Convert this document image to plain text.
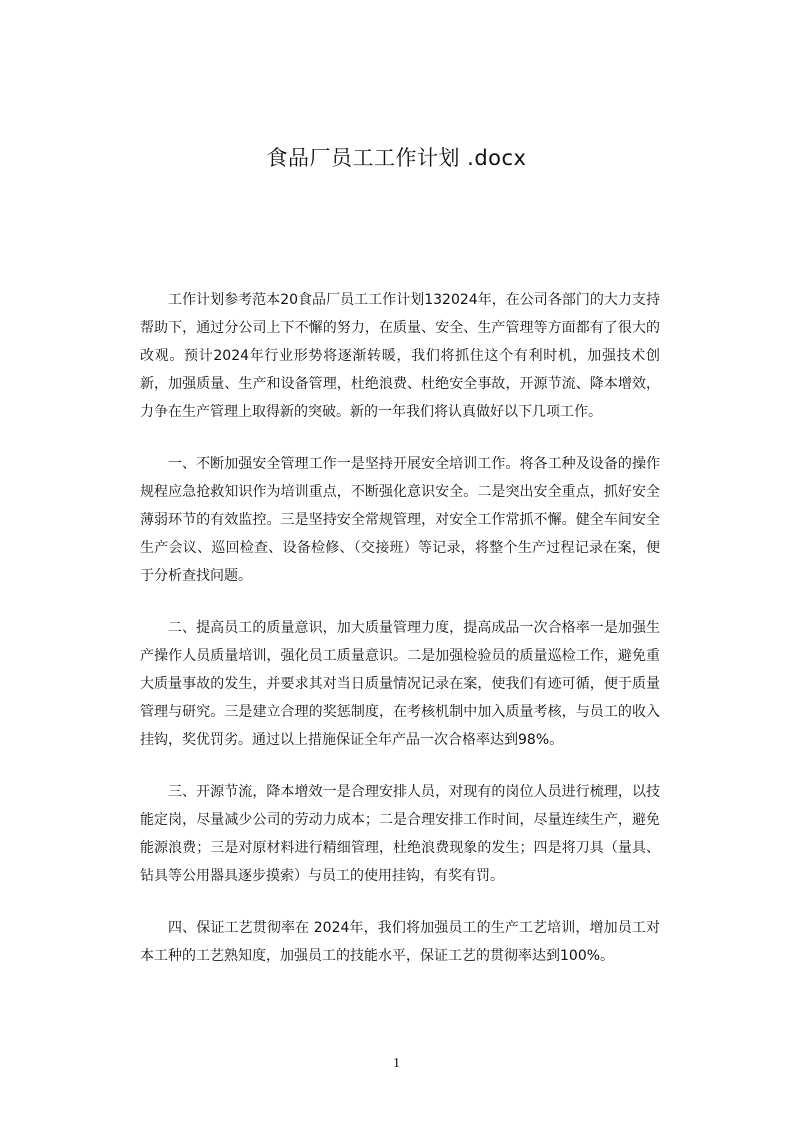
食品厂员工工作计划 .docx

工作计划参考范本20食品厂员工工作计划132024年，在公司各部门的大力支持帮助下，通过分公司上下不懈的努力，在质量、安全、生产管理等方面都有了很大的改观。预计2024年行业形势将逐渐转暖，我们将抓住这个有利时机，加强技术创新，加强质量、生产和设备管理，杜绝浪费、杜绝安全事故，开源节流、降本增效，力争在生产管理上取得新的突破。新的一年我们将认真做好以下几项工作。

一、不断加强安全管理工作一是坚持开展安全培训工作。将各工种及设备的操作规程应急抢救知识作为培训重点，不断强化意识安全。二是突出安全重点，抓好安全薄弱环节的有效监控。三是坚持安全常规管理，对安全工作常抓不懈。健全车间安全生产会议、巡回检查、设备检修、（交接班）等记录，将整个生产过程记录在案，便于分析查找问题。

二、提高员工的质量意识，加大质量管理力度，提高成品一次合格率一是加强生产操作人员质量培训，强化员工质量意识。二是加强检验员的质量巡检工作，避免重大质量事故的发生，并要求其对当日质量情况记录在案，使我们有迹可循，便于质量管理与研究。三是建立合理的奖惩制度，在考核机制中加入质量考核，与员工的收入挂钩，奖优罚劣。通过以上措施保证全年产品一次合格率达到98%。

三、开源节流，降本增效一是合理安排人员，对现有的岗位人员进行梳理，以技能定岗，尽量减少公司的劳动力成本；二是合理安排工作时间，尽量连续生产，避免能源浪费；三是对原材料进行精细管理，杜绝浪费现象的发生；四是将刀具（量具、钻具等公用器具逐步摸索）与员工的使用挂钩，有奖有罚。

四、保证工艺贯彻率在 2024年，我们将加强员工的生产工艺培训，增加员工对本工种的工艺熟知度，加强员工的技能水平，保证工艺的贯彻率达到100%。

1
